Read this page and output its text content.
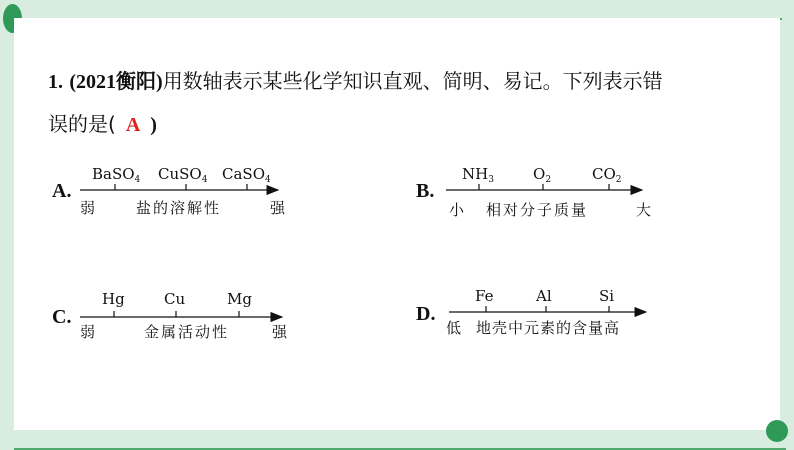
1. (2021衡阳)用数轴表示某些化学知识直观、简明、易记。下列表示错
误的是( A )
A.
BaSO$_4$ CuSO$_4$ CaSO$_4$
弱	盐的溶解性	强
B.
$NH_3$	$O_2$	$CO_2$
小 相对分子质量	大
C.
Hg	Cu	Mg
弱	金属活动性	强
D.
Fe	Al	Si
低 地壳中元素的含量高
